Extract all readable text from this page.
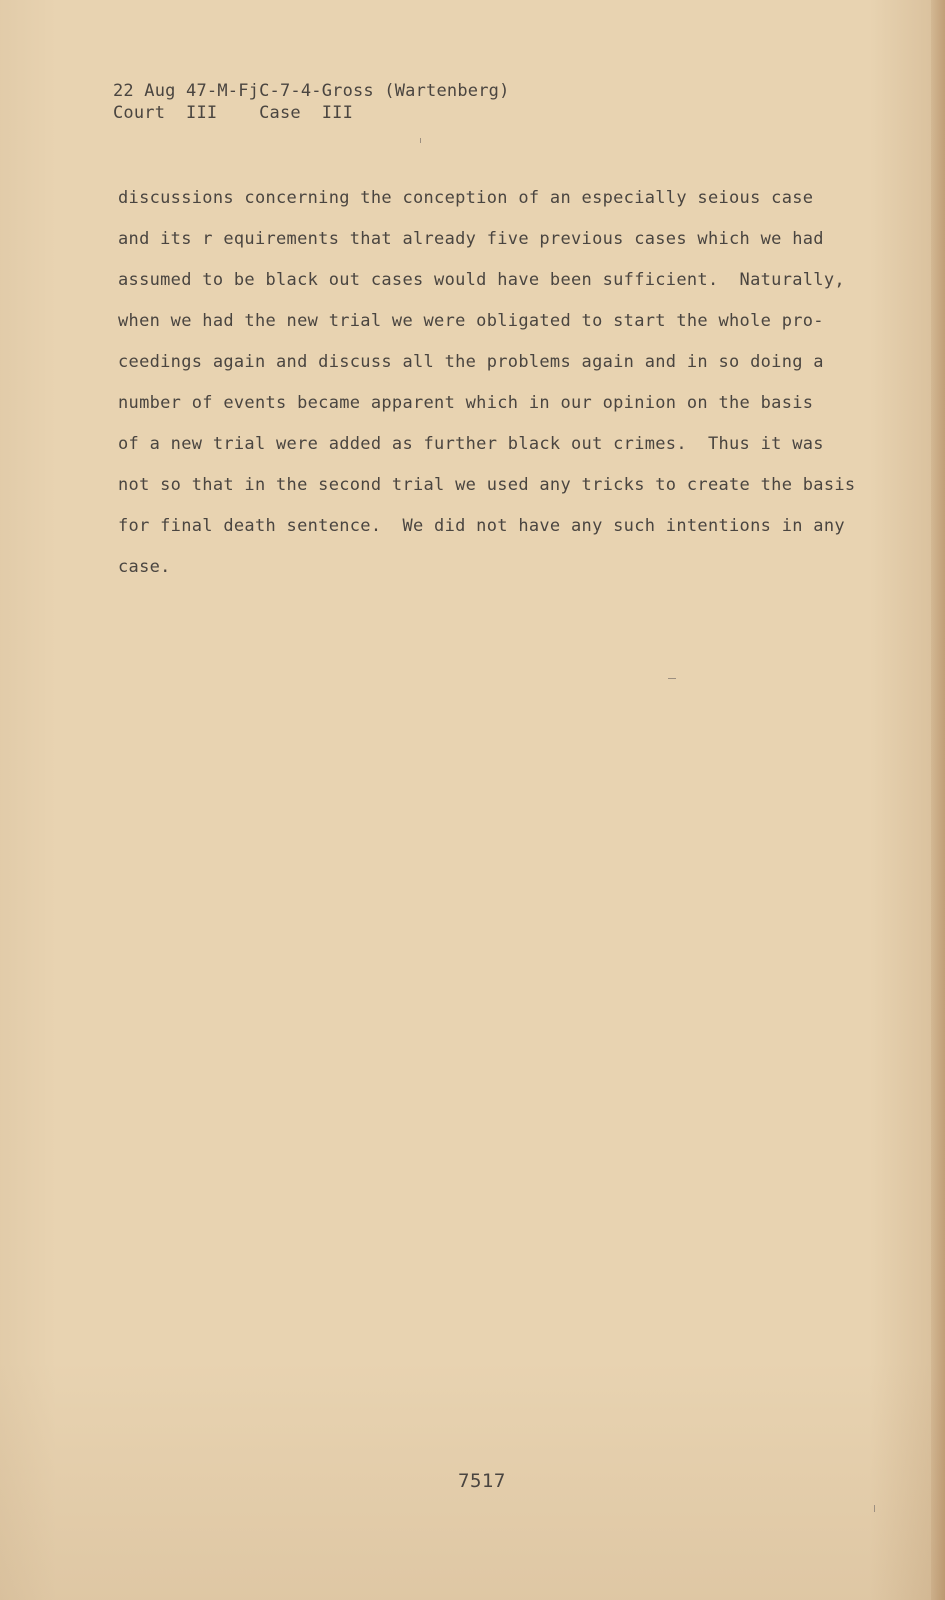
22 Aug 47-M-FjC-7-4-Gross (Wartenberg)
Court  III    Case  III
discussions concerning the conception of an especially seious case
and its r equirements that already five previous cases which we had
assumed to be black out cases would have been sufficient.  Naturally,
when we had the new trial we were obligated to start the whole pro-
ceedings again and discuss all the problems again and in so doing a
number of events became apparent which in our opinion on the basis
of a new trial were added as further black out crimes.  Thus it was
not so that in the second trial we used any tricks to create the basis
for final death sentence.  We did not have any such intentions in any
case.
7517
